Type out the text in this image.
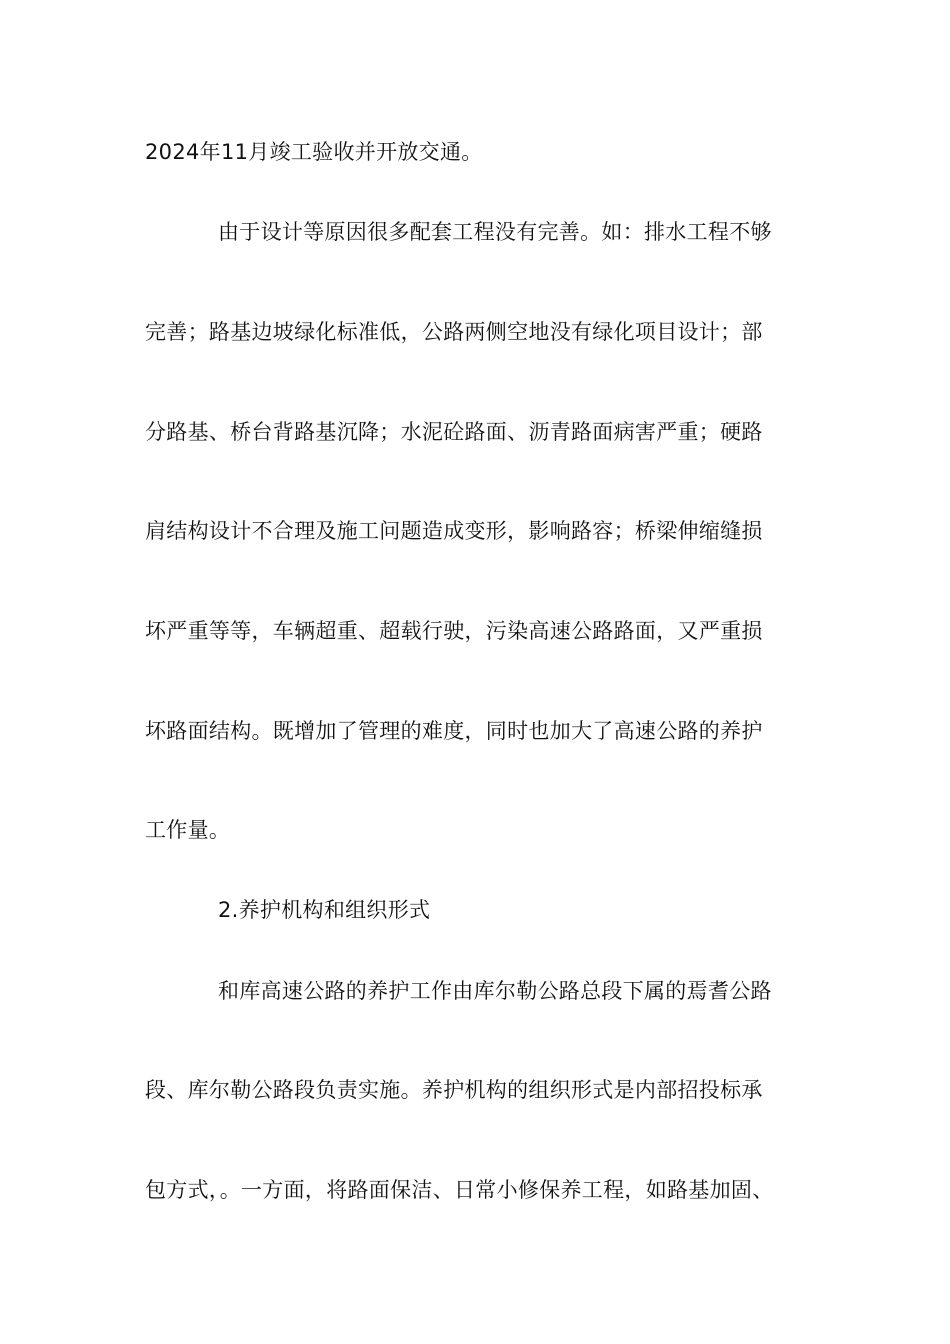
2024年11月竣工验收并开放交通。
由于设计等原因很多配套工程没有完善。如：排水工程不够
完善；路基边坡绿化标准低，公路两侧空地没有绿化项目设计；部
分路基、桥台背路基沉降；水泥砼路面、沥青路面病害严重；硬路
肩结构设计不合理及施工问题造成变形，影响路容；桥梁伸缩缝损
坏严重等等，车辆超重、超载行驶，污染高速公路路面，又严重损
坏路面结构。既增加了管理的难度，同时也加大了高速公路的养护
工作量。
2.养护机构和组织形式
和库高速公路的养护工作由库尔勒公路总段下属的焉耆公路
段、库尔勒公路段负责实施。养护机构的组织形式是内部招投标承
包方式，。一方面，将路面保洁、日常小修保养工程，如路基加固、
